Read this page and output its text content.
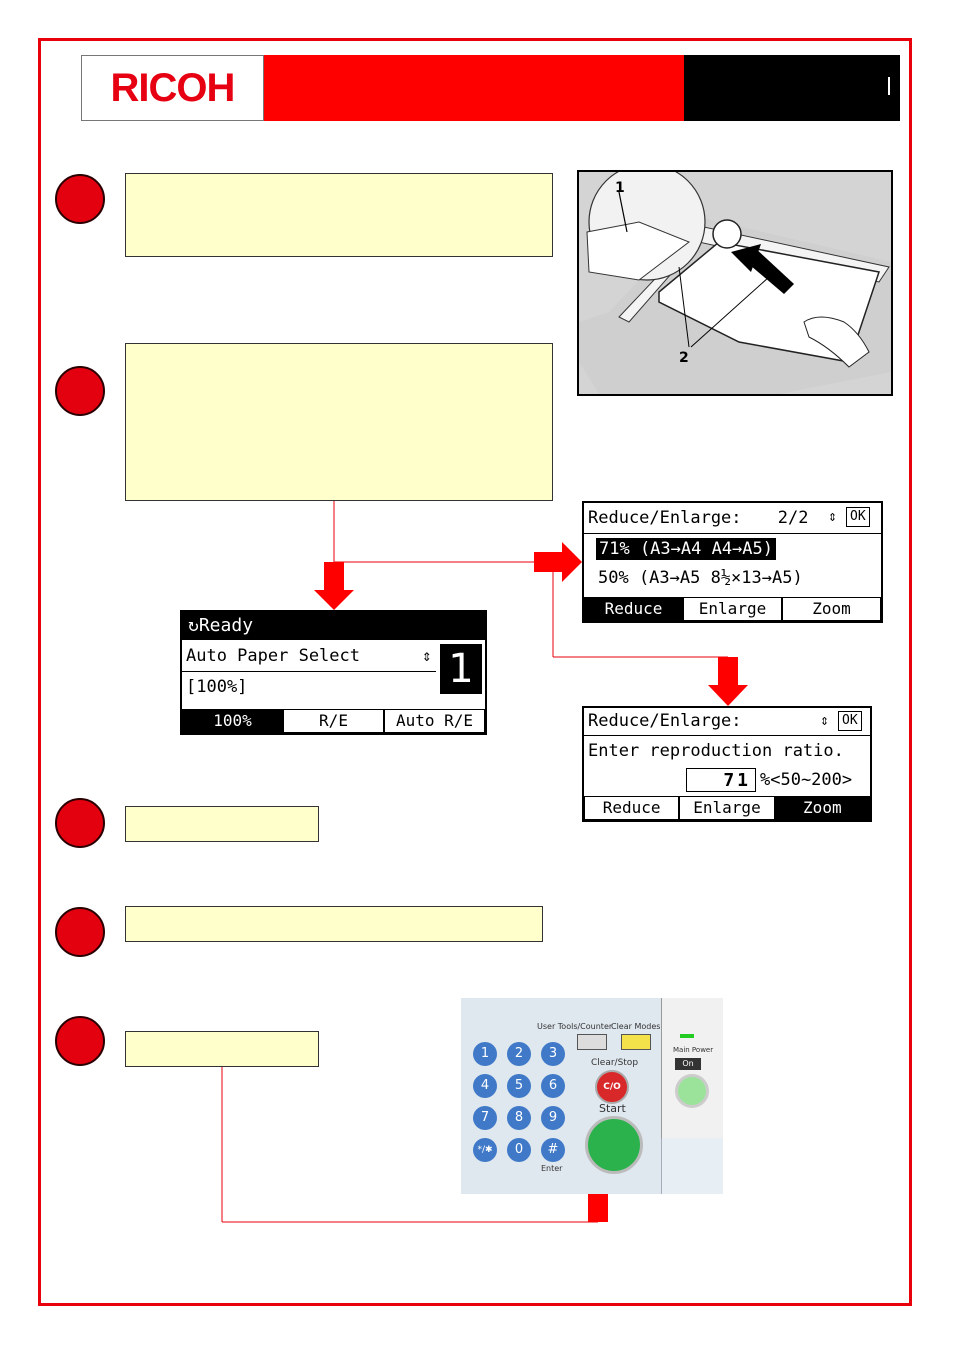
RICOH
1
2
↻Ready
Auto Paper Select	⇕ 1
[100%]
100%	R/E	Auto R/E
Reduce/Enlarge: 2/2	⇕ OK
71% (A3→A4 A4→A5)
50% (A3→A5 8½×13→A5)
Reduce	Enlarge	Zoom
Reduce/Enlarge:	⇕ OK
Enter reproduction ratio.
71 %<50~200>
Reduce	Enlarge	Zoom
User Tools/Counter
Clear Modes
Clear/Stop
C/O
Start
Main Power
On
1	2	3
4	5	6
7	8	9
*/✱	0	#
Enter
